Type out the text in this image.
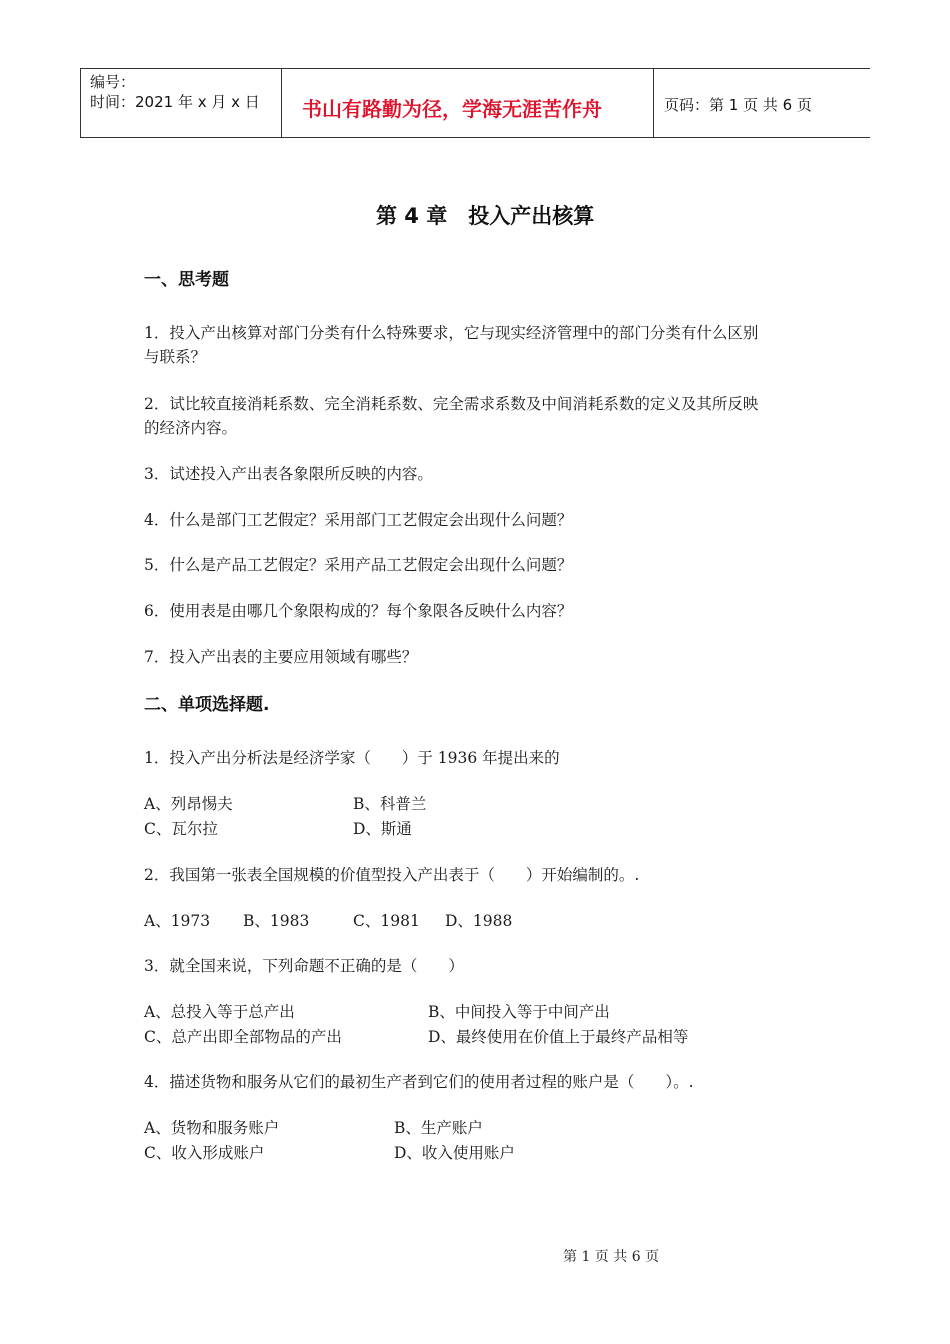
编号：
时间：2021 年 x 月 x 日 书山有路勤为径，学海无涯苦作舟	页码：第 1 页 共 6 页
第 4 章　投入产出核算
一、思考题
1．投入产出核算对部门分类有什么特殊要求，它与现实经济管理中的部门分类有什么区别
与联系？
2．试比较直接消耗系数、完全消耗系数、完全需求系数及中间消耗系数的定义及其所反映
的经济内容。
3．试述投入产出表各象限所反映的内容。
4．什么是部门工艺假定？采用部门工艺假定会出现什么问题？
5．什么是产品工艺假定？采用产品工艺假定会出现什么问题？
6．使用表是由哪几个象限构成的？每个象限各反映什么内容？
7．投入产出表的主要应用领域有哪些？
二、单项选择题.
1．投入产出分析法是经济学家（　　）于 1936 年提出来的
A、列昂惕夫	B、科普兰
C、瓦尔拉	D、斯通
2．我国第一张表全国规模的价值型投入产出表于（　　）开始编制的。.
A、1973 B、1983	C、1981 D、1988
3．就全国来说，下列命题不正确的是（　　）
A、总投入等于总产出	B、中间投入等于中间产出
C、总产出即全部物品的产出	D、最终使用在价值上于最终产品相等
4．描述货物和服务从它们的最初生产者到它们的使用者过程的账户是（　　）。.
A、货物和服务账户	B、生产账户
C、收入形成账户	D、收入使用账户
第 1 页 共 6 页
